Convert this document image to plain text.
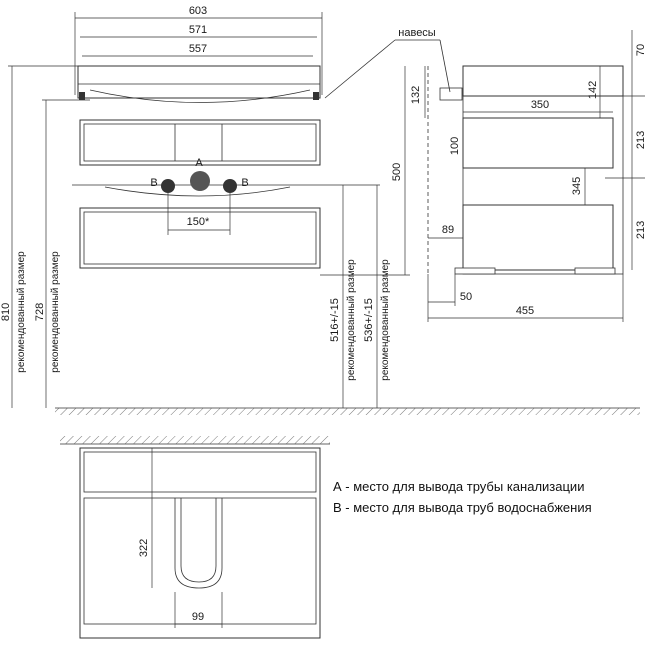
603
571
557
A
B	B
150*
810 рекомендованный размер 728 рекомендованный размер	516+/-15 рекомендованный размер 536+/-15 рекомендованный размер
500
навесы
132
100
350
142
345
70
213
213
89
50
455
322
99
А - место для вывода трубы канализации
В - место для вывода труб водоснабжения
